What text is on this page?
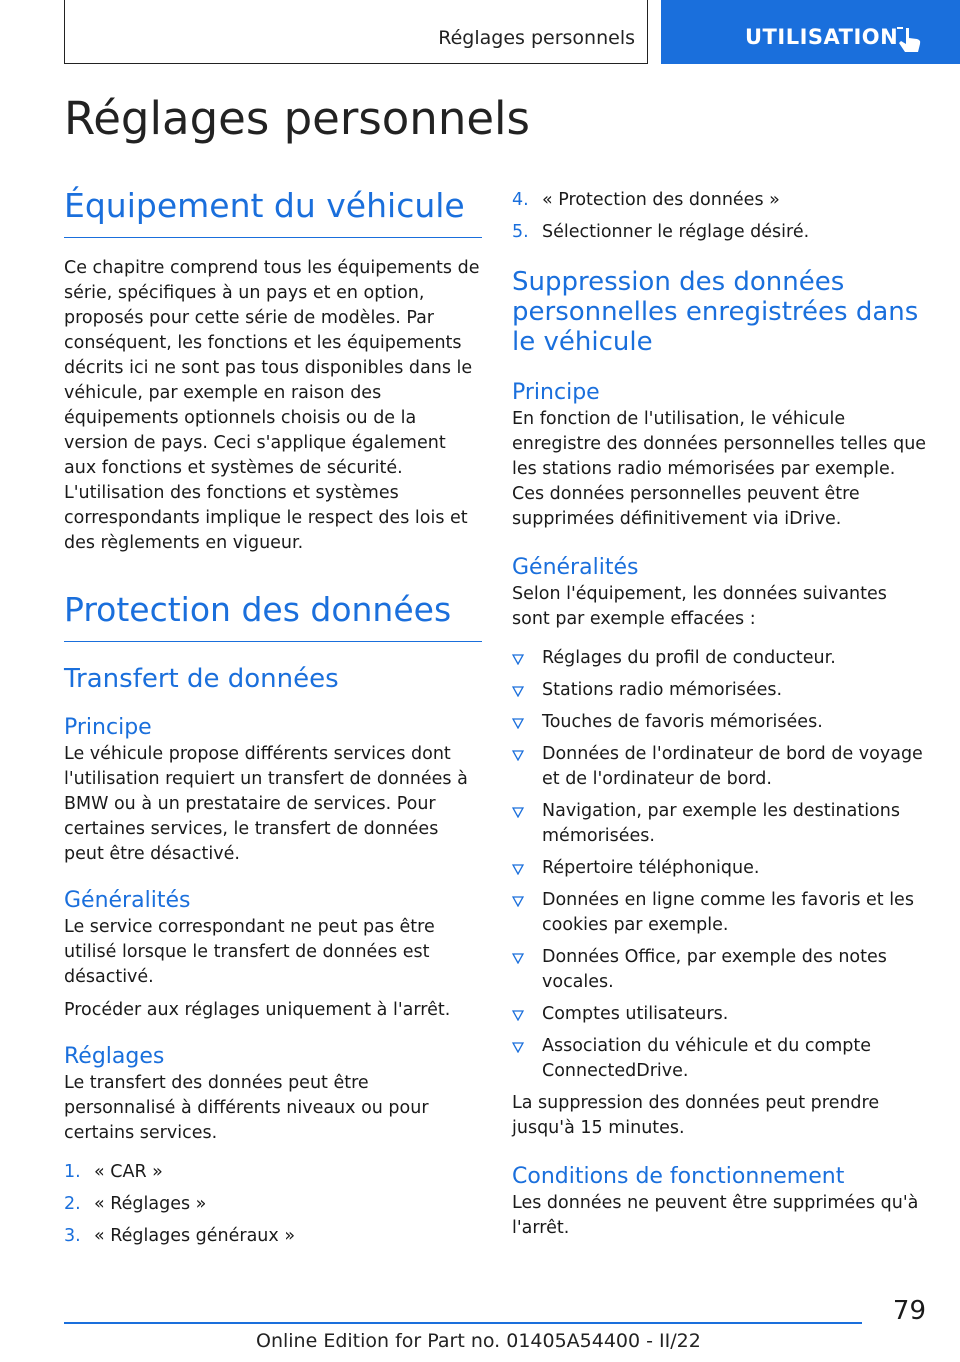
Réglages personnels	UTILISATION
Réglages personnels
Équipement du véhicule

Ce chapitre comprend tous les équipements de série, spécifiques à un pays et en option, proposés pour cette série de modèles. Par conséquent, les fonctions et les équipements décrits ici ne sont pas tous disponibles dans le véhicule, par exemple en raison des équipements optionnels choisis ou de la version de pays. Ceci s'applique également aux fonctions et systèmes de sécurité. L'utilisation des fonctions et systèmes correspondants implique le respect des lois et des règlements en vigueur.

Protection des données
Transfert de données
Principe

Le véhicule propose différents services dont l'utilisation requiert un transfert de données à BMW ou à un prestataire de services. Pour certaines services, le transfert de données peut être désactivé.

Généralités

Le service correspondant ne peut pas être utilisé lorsque le transfert de données est désactivé.

Procéder aux réglages uniquement à l'arrêt.

Réglages

Le transfert des données peut être personnalisé à différents niveaux ou pour certains services.

1. « CAR »
2. « Réglages »
3. « Réglages généraux »
4. « Protection des données »
5. Sélectionner le réglage désiré.
Suppression des données personnelles enregistrées dans le véhicule
Principe

En fonction de l'utilisation, le véhicule enregistre des données personnelles telles que les stations radio mémorisées par exemple. Ces données personnelles peuvent être supprimées définitivement via iDrive.

Généralités

Selon l'équipement, les données suivantes sont par exemple effacées :

Réglages du profil de conducteur.
Stations radio mémorisées.
Touches de favoris mémorisées.
Données de l'ordinateur de bord de voyage et de l'ordinateur de bord.
Navigation, par exemple les destinations mémorisées.
Répertoire téléphonique.
Données en ligne comme les favoris et les cookies par exemple.
Données Office, par exemple des notes vocales.
Comptes utilisateurs.
Association du véhicule et du compte ConnectedDrive.

La suppression des données peut prendre jusqu'à 15 minutes.

Conditions de fonctionnement

Les données ne peuvent être supprimées qu'à l'arrêt.

79
Online Edition for Part no. 01405A54400 - II/22
